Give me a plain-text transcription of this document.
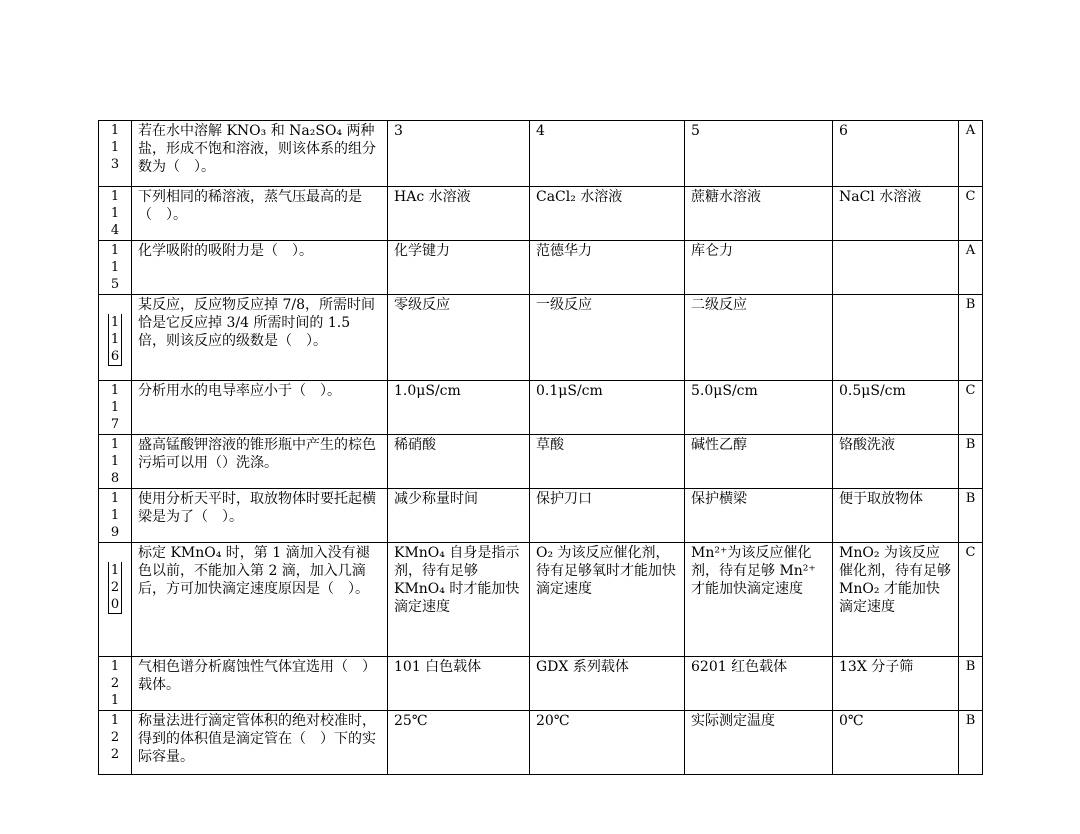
113	若在水中溶解 KNO₃ 和 Na₂SO₄ 两种盐，形成不饱和溶液，则该体系的组分数为（　）。	3	4	5	6	A

114	下列相同的稀溶液，蒸气压最高的是（　）。	HAc 水溶液	CaCl₂ 水溶液	蔗糖水溶液	NaCl 水溶液	C

115	化学吸附的吸附力是（　）。	化学键力	范德华力	库仑力		A

116	某反应，反应物反应掉 7/8，所需时间恰是它反应掉 3/4 所需时间的 1.5 倍，则该反应的级数是（　）。	零级反应	一级反应	二级反应		B

117	分析用水的电导率应小于（　）。	1.0μS/cm	0.1μS/cm	5.0μS/cm	0.5μS/cm	C

118	盛高锰酸钾溶液的锥形瓶中产生的棕色污垢可以用（）洗涤。	稀硝酸	草酸	碱性乙醇	铬酸洗液	B

119	使用分析天平时，取放物体时要托起横梁是为了（　）。	减少称量时间	保护刀口	保护横梁	便于取放物体	B

120	标定 KMnO₄ 时，第 1 滴加入没有褪色以前，不能加入第 2 滴，加入几滴后，方可加快滴定速度原因是（　）。	KMnO₄ 自身是指示剂，待有足够 KMnO₄ 时才能加快滴定速度	O₂ 为该反应催化剂，待有足够氧时才能加快滴定速度	Mn²⁺为该反应催化剂，待有足够 Mn²⁺才能加快滴定速度	MnO₂ 为该反应催化剂，待有足够 MnO₂ 才能加快滴定速度	C

121	气相色谱分析腐蚀性气体宜选用（　）载体。	101 白色载体	GDX 系列载体	6201 红色载体	13X 分子筛	B

122	称量法进行滴定管体积的绝对校准时，得到的体积值是滴定管在（　）下的实际容量。	25℃	20℃	实际测定温度	0℃	B
